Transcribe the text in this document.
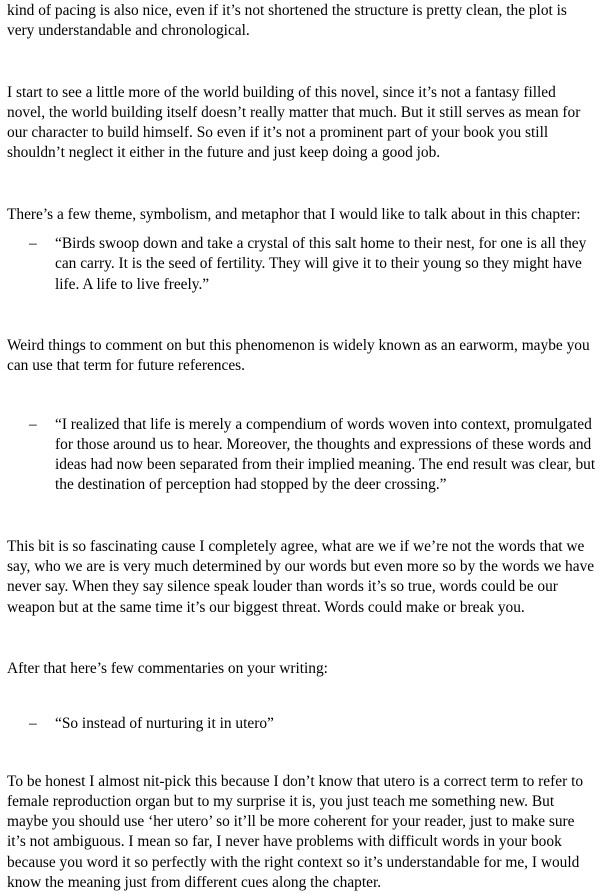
kind of pacing is also nice, even if it’s not shortened the structure is pretty clean, the plot is very understandable and chronological.

I start to see a little more of the world building of this novel, since it’s not a fantasy filled novel, the world building itself doesn’t really matter that much. But it still serves as mean for our character to build himself. So even if it’s not a prominent part of your book you still shouldn’t neglect it either in the future and just keep doing a good job.

There’s a few theme, symbolism, and metaphor that I would like to talk about in this chapter:

– “Birds swoop down and take a crystal of this salt home to their nest, for one is all they can carry. It is the seed of fertility. They will give it to their young so they might have life. A life to live freely.”

Weird things to comment on but this phenomenon is widely known as an earworm, maybe you can use that term for future references.

– “I realized that life is merely a compendium of words woven into context, promulgated for those around us to hear. Moreover, the thoughts and expressions of these words and ideas had now been separated from their implied meaning. The end result was clear, but the destination of perception had stopped by the deer crossing.”

This bit is so fascinating cause I completely agree, what are we if we’re not the words that we say, who we are is very much determined by our words but even more so by the words we have never say. When they say silence speak louder than words it’s so true, words could be our weapon but at the same time it’s our biggest threat. Words could make or break you.

After that here’s few commentaries on your writing:

– “So instead of nurturing it in utero”

To be honest I almost nit-pick this because I don’t know that utero is a correct term to refer to female reproduction organ but to my surprise it is, you just teach me something new. But maybe you should use ‘her utero’ so it’ll be more coherent for your reader, just to make sure it’s not ambiguous. I mean so far, I never have problems with difficult words in your book because you word it so perfectly with the right context so it’s understandable for me, I would know the meaning just from different cues along the chapter.
